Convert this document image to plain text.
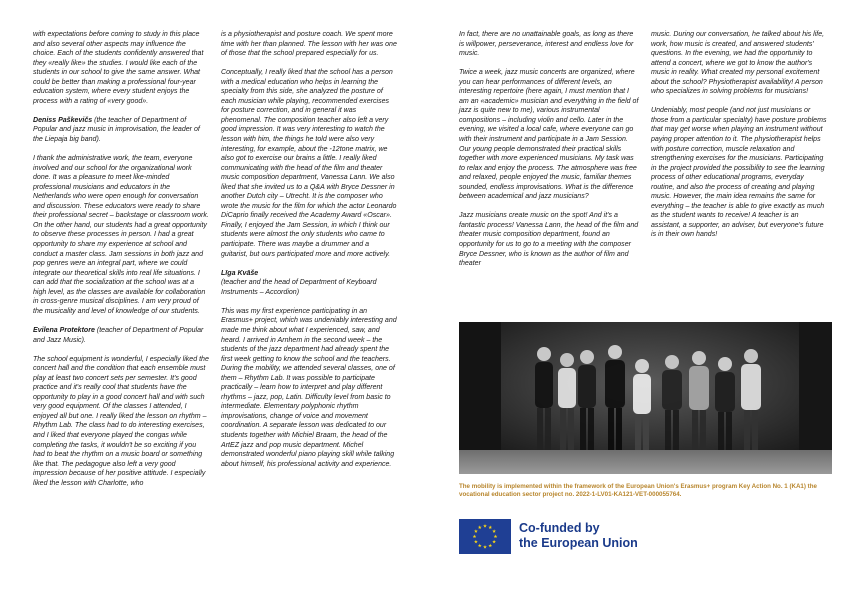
with expectations before coming to study in this place and also several other aspects may influence the choice. Each of the students confidently answered that they «really like» the studies. I would like each of the students in our school to give the same answer. What could be better than making a professional four-year education system, where every student enjoys the process with a rating of «very good».

Deniss Paškevičs (the teacher of Department of Popular and jazz music in improvisation, the leader of the Liepaja big band).

I thank the administrative work, the team, everyone involved and our school for the organizational work done. It was a pleasure to meet like-minded professional musicians and educators in the Netherlands who were open enough for conversation and discussion. These educators were ready to share their professional secret – backstage or classroom work. On the other hand, our students had a great opportunity to observe these processes in person. I had a great opportunity to share my experience at school and conduct a master class. Jam sessions in both jazz and pop genres were an integral part, where we could integrate our theoretical skills into real life situations. I can add that the socialization at the school was at a high level, as the classes are available for collaboration in cross-genre musical disciplines. I am very proud of the musicality and level of knowledge of our students.

Evilena Protektore (teacher of Department of Popular and Jazz Music).

The school equipment is wonderful, I especially liked the concert hall and the condition that each ensemble must play at least two concert sets per semester. It's good practice and it's really cool that students have the opportunity to play in a good concert hall and with such very good equipment. Of the classes I attended, I enjoyed all but one. I really liked the lesson on rhythm – Rhythm Lab. The class had to do interesting exercises, and I liked that everyone played the congas while completing the tasks, it wouldn't be so exciting if you had to beat the rhythm on a music board or something like that. The pedagogue also left a very good impression because of her positive attitude. I especially liked the lesson with Charlotte, who

is a physiotherapist and posture coach. We spent more time with her than planned. The lesson with her was one of those that the school prepared especially for us.

Conceptually, I really liked that the school has a person with a medical education who helps in learning the specialty from this side, she analyzed the posture of each musician while playing, recommended exercises for posture correction, and in general it was phenomenal. The composition teacher also left a very good impression. It was very interesting to watch the lesson with him, the things he told were also very interesting, for example, about the -12tone matrix, we also got to exercise our brains a little. I really liked communicating with the head of the film and theater music composition department, Vanessa Lann. We also liked that she invited us to a Q&A with Bryce Dessner in another Dutch city – Utrecht. It is the composer who wrote the music for the film for which the actor Leonardo DiCaprio finally received the Academy Award «Oscar». Finally, I enjoyed the Jam Session, in which I think our students were almost the only students who came to participate. There was maybe a drummer and a guitarist, but ours participated more and more actively.

Līga Kvāše

(teacher and the head of Department of Keyboard Instruments – Accordion)

This was my first experience participating in an Erasmus+ project, which was undeniably interesting and made me think about what I experienced, saw, and heard. I arrived in Arnhem in the second week – the students of the jazz department had already spent the first week getting to know the school and the teachers. During the mobility, we attended several classes, one of them – Rhythm Lab. It was possible to participate practically – learn how to interpret and play different rhythms – jazz, pop, Latin. Difficulty level from basic to intermediate. Elementary polyphonic rhythm improvisations, change of voice and movement coordination. A separate lesson was dedicated to our students together with Michiel Braam, the head of the ArtEZ jazz and pop music department. Michel demonstrated wonderful piano playing skill while talking about himself, his professional activity and experience.

In fact, there are no unattainable goals, as long as there is willpower, perseverance, interest and endless love for music.

Twice a week, jazz music concerts are organized, where you can hear performances of different levels, an interesting repertoire (here again, I must mention that I am an «academic» musician and everything in the field of jazz is quite new to me), various instrumental compositions – including violin and cello. Later in the evening, we visited a local cafe, where everyone can go with their instrument and participate in a Jam Session. Our young people demonstrated their practical skills together with more experienced musicians. My task was to relax and enjoy the process. The atmosphere was free and relaxed, people enjoyed the music, familiar themes sounded, endless improvisations. What is the difference between academical and jazz musicians?

Jazz musicians create music on the spot! And it's a fantastic process! Vanessa Lann, the head of the film and theater music composition department, found an opportunity for us to go to a meeting with the composer Bryce Dessner, who is known as the author of film and theater

music. During our conversation, he talked about his life, work, how music is created, and answered students' questions. In the evening, we had the opportunity to attend a concert, where we got to know the author's music in reality. What created my personal excitement about the school? Physiotherapist availability! A person who specializes in solving problems for musicians!

Undeniably, most people (and not just musicians or those from a particular specialty) have posture problems that may get worse when playing an instrument without paying proper attention to it. The physiotherapist helps with posture correction, muscle relaxation and strengthening exercises for the musicians. Participating in the project provided the possibility to see the learning process of other educational programs, everyday routine, and also the process of creating and playing music. However, the main idea remains the same for everything – the teacher is able to give exactly as much as the student wants to receive! A teacher is an assistant, a supporter, an adviser, but everyone's future is in their own hands!

The mobility is implemented within the framework of the European Union's Erasmus+ program Key Action No. 1 (KA1) the vocational education sector project no. 2022-1-LV01-KA121-VET-000055764.
Co-funded by
the European Union
